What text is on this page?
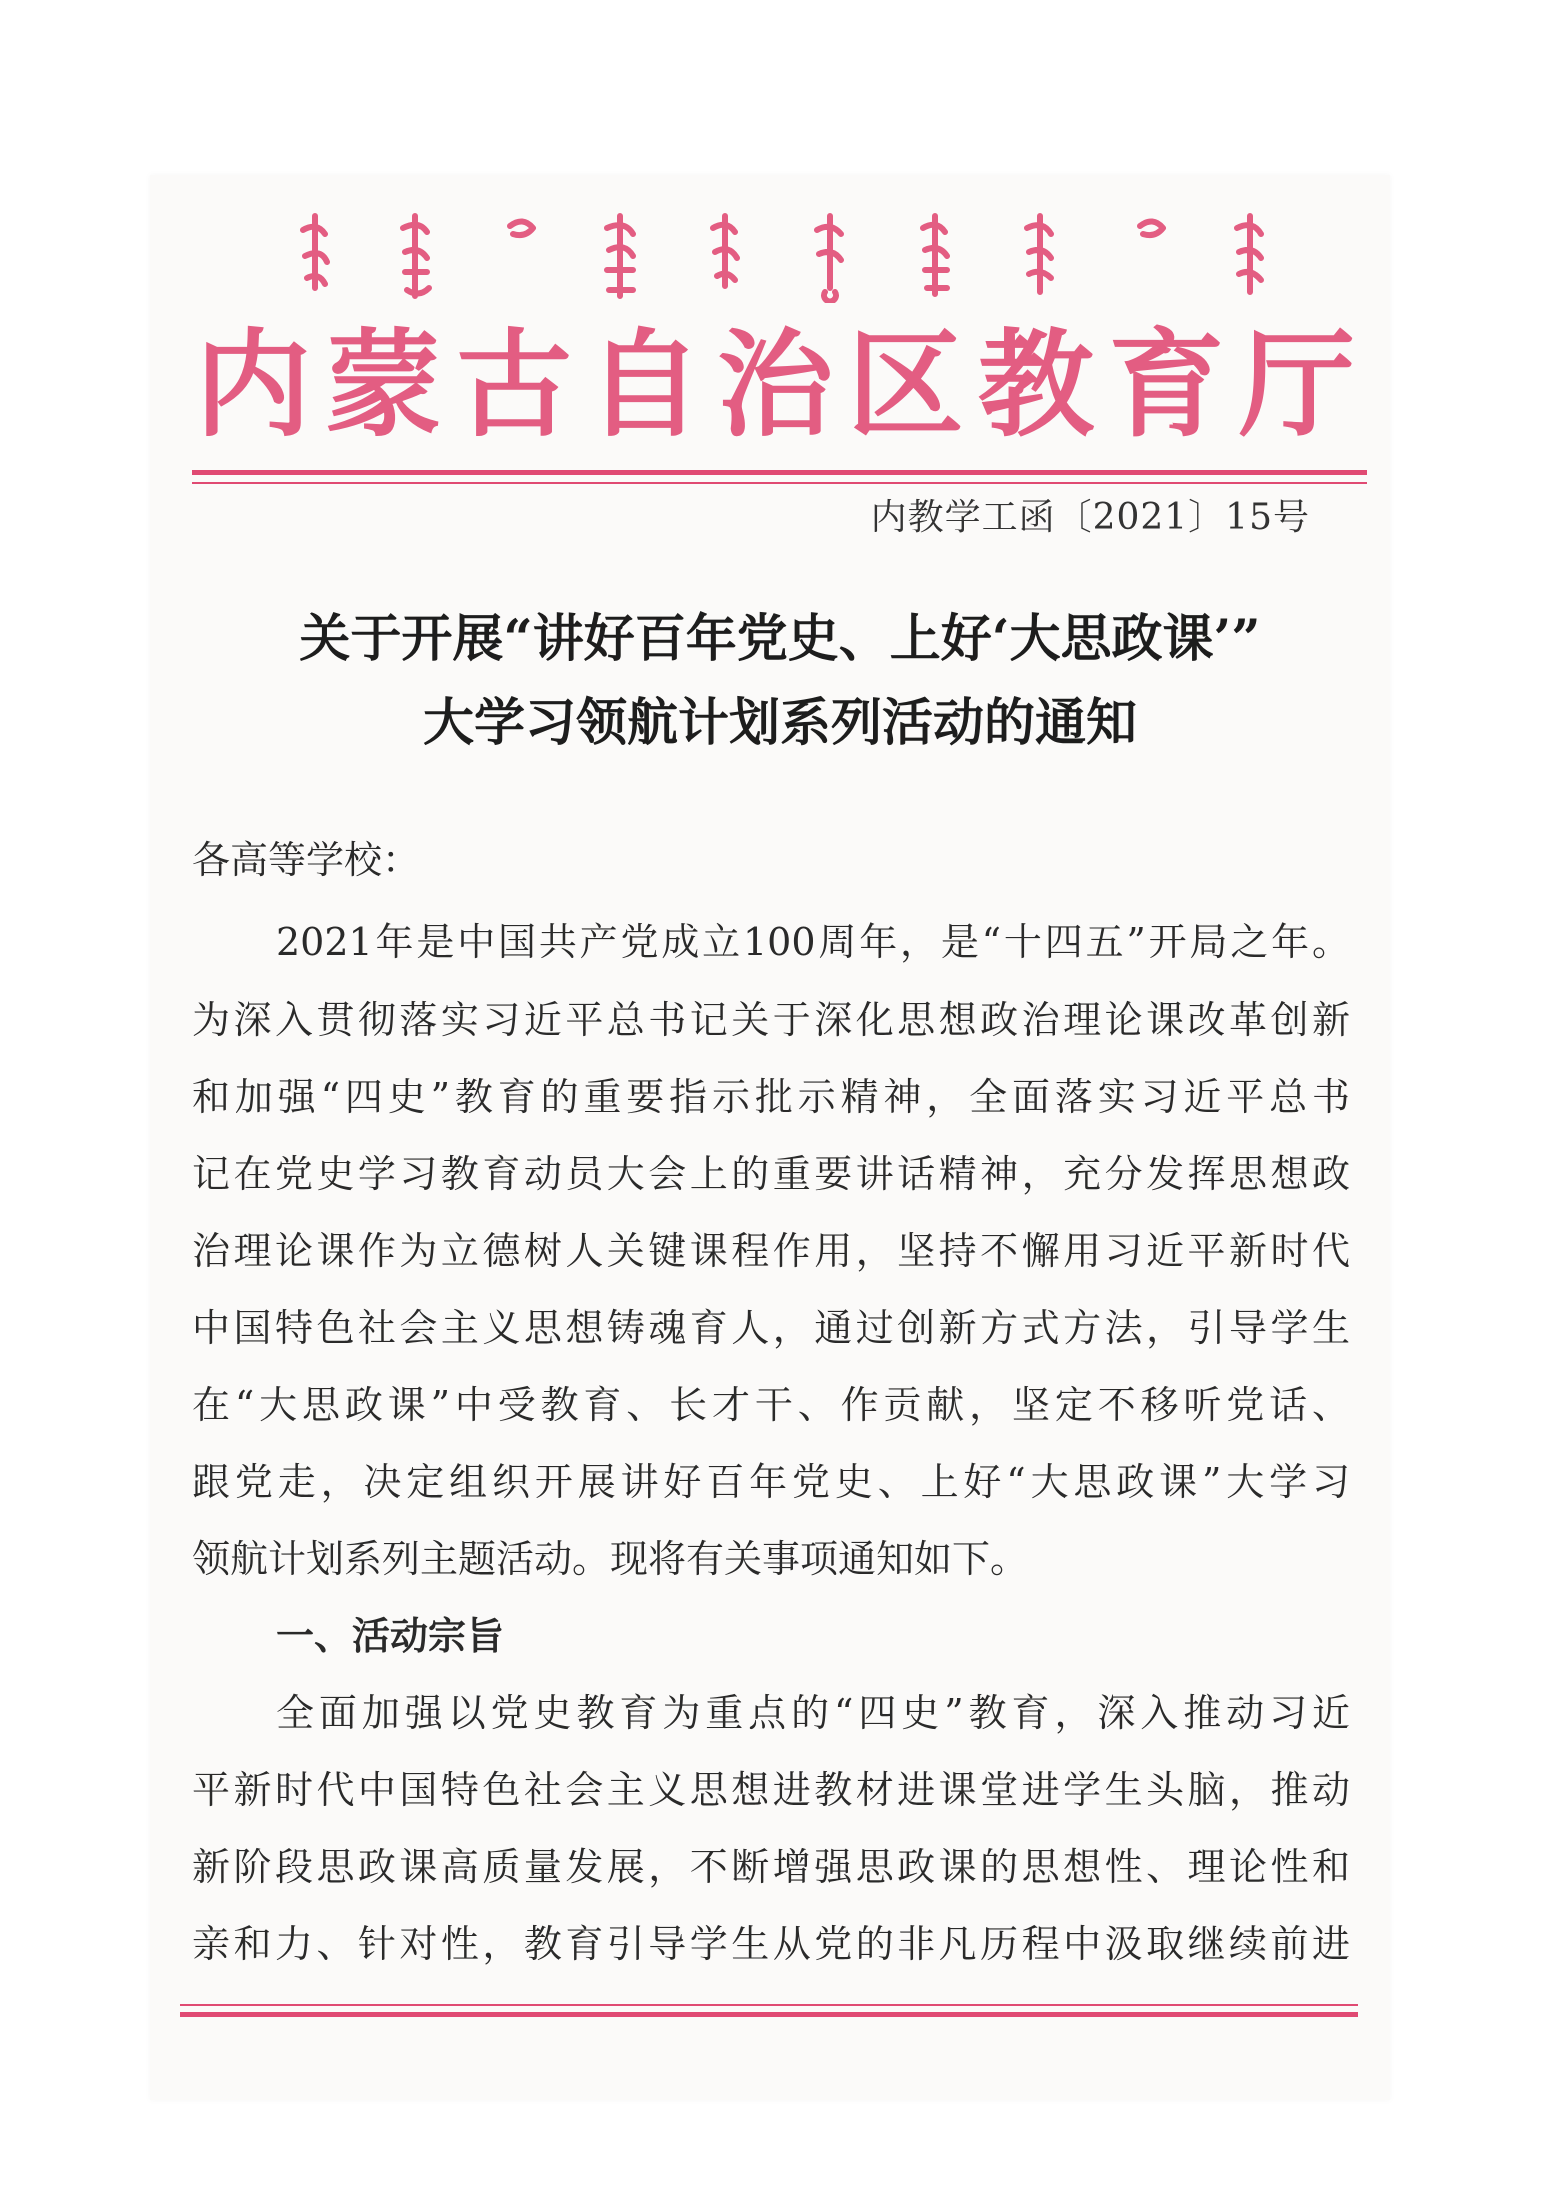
内 蒙 古 自 治 区 教 育 厅
内教学工函〔2021〕15号
关于开展“讲好百年党史、上好‘大思政课’”
大学习领航计划系列活动的通知
各高等学校：
2021年是中国共产党成立100周年，是“十四五”开局之年。
为深入贯彻落实习近平总书记关于深化思想政治理论课改革创新
和加强“四史”教育的重要指示批示精神，全面落实习近平总书
记在党史学习教育动员大会上的重要讲话精神，充分发挥思想政
治理论课作为立德树人关键课程作用，坚持不懈用习近平新时代
中国特色社会主义思想铸魂育人，通过创新方式方法，引导学生
在“大思政课”中受教育、长才干、作贡献，坚定不移听党话、
跟党走，决定组织开展讲好百年党史、上好“大思政课”大学习
领航计划系列主题活动。现将有关事项通知如下。
一、活动宗旨
全面加强以党史教育为重点的“四史”教育，深入推动习近
平新时代中国特色社会主义思想进教材进课堂进学生头脑，推动
新阶段思政课高质量发展，不断增强思政课的思想性、理论性和
亲和力、针对性，教育引导学生从党的非凡历程中汲取继续前进
